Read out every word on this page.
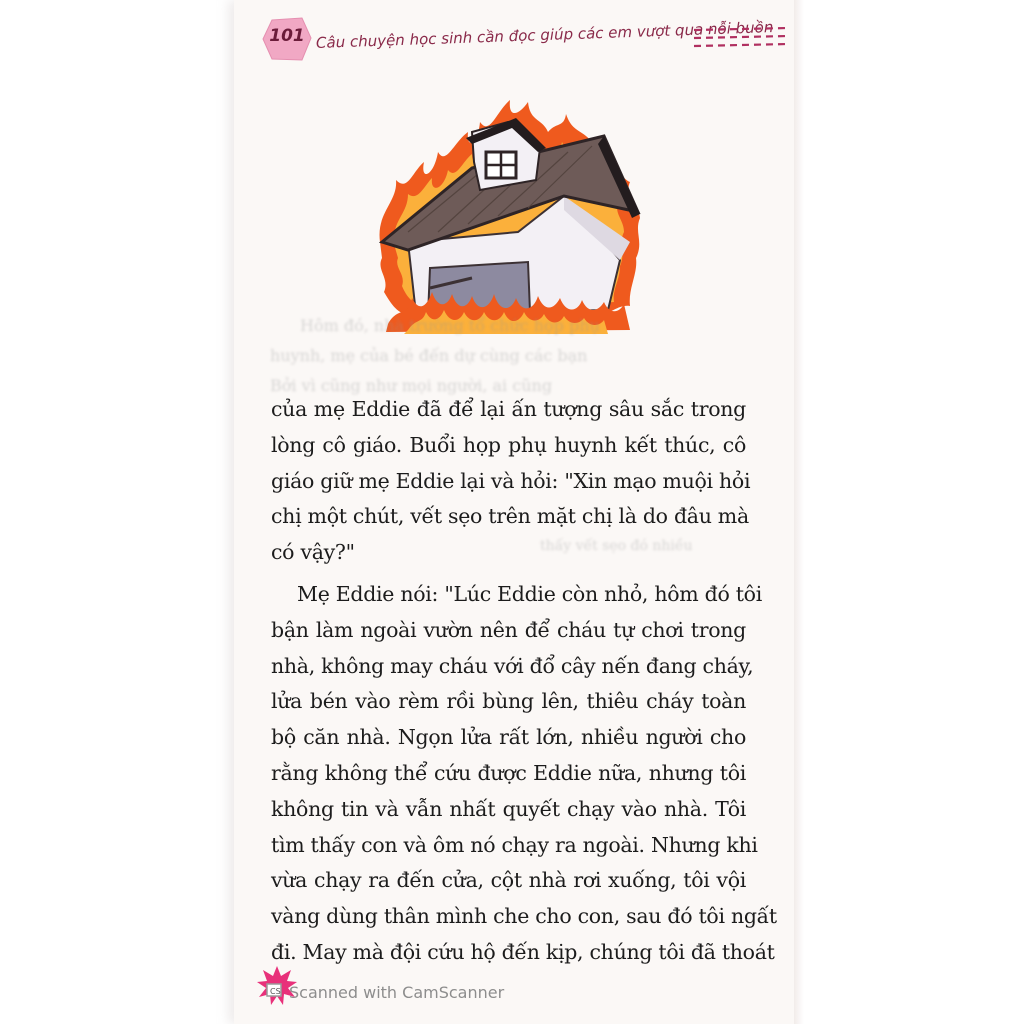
101 Câu chuyện học sinh cần đọc giúp các em vượt qua nỗi buồn
Hôm đó, nhà trường tổ chức họp phụ
huynh, mẹ của bé đến dự cùng các bạn
Bởi vì cũng như mọi người, ai cũng
thấy vết sẹo đó nhiều
của mẹ Eddie đã để lại ấn tượng sâu sắc trong
lòng cô giáo. Buổi họp phụ huynh kết thúc, cô
giáo giữ mẹ Eddie lại và hỏi: "Xin mạo muội hỏi
chị một chút, vết sẹo trên mặt chị là do đâu mà
có vậy?"
Mẹ Eddie nói: "Lúc Eddie còn nhỏ, hôm đó tôi
bận làm ngoài vườn nên để cháu tự chơi trong
nhà, không may cháu với đổ cây nến đang cháy,
lửa bén vào rèm rồi bùng lên, thiêu cháy toàn
bộ căn nhà. Ngọn lửa rất lớn, nhiều người cho
rằng không thể cứu được Eddie nữa, nhưng tôi
không tin và vẫn nhất quyết chạy vào nhà. Tôi
tìm thấy con và ôm nó chạy ra ngoài. Nhưng khi
vừa chạy ra đến cửa, cột nhà rơi xuống, tôi vội
vàng dùng thân mình che cho con, sau đó tôi ngất
đi. May mà đội cứu hộ đến kịp, chúng tôi đã thoát
CS Scanned with CamScanner
